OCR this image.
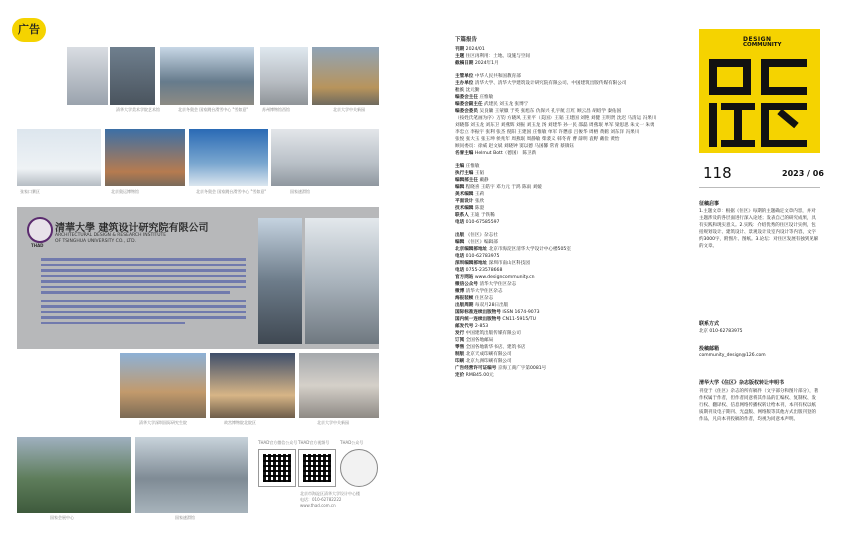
广告
清华大学美术学院艺术馆	北京冬奥会 国家跳台滑雪中心 "雪如意"	苏州博物馆西馆	北京大学中关新园
张家口赛区	北京奥运博物馆	北京冬奥会 国家跳台滑雪中心 "雪如意"	国家速滑馆
THAD
清華大學 建筑设计研究院有限公司
ARCHITECTURAL DESIGN & RESEARCH INSTITUTE
OF TSINGHUA UNIVERSITY CO., LTD.
清华大学深圳国际研究生院	故宫博物院北院区	北京大学中关新园
国家会展中心	国家速滑馆
THAD官方微信公众号 THAD官方视频号	THAD公众号
北京市海淀区清华大学设计中心楼
电话：010-62782222
www.thad.com.cn
下篇报告
刊期 2024/01
主题 住区再利用：土地、设施与空间
截稿日期 2024年1月
主管单位 中华人民共和国教育部
主办单位 清华大学、清华大学建筑设计研究院有限公司、中国建筑出版传媒有限公司
社长 沈元勤
编委会主任 庄惟敏
编委会副主任 武建民 刘玉龙 张博宁
编委会委员 吴良镛 王蒙徽 于英 张旭东 仇保兴 孔宇航 江红 顾云昌 胡绍学 秦佑国
（按姓氏笔画为序）万钧 方晓风 王亚平（美国）王韬 王建国 刘艳 刘健 王明贤 沈迟 马清运 冯果川
刘晓都 刘玉龙 刘东卫 刘燕辉 刘振 刘玉龙 汤 刘建华 孙一民 邵磊 周燕珉 单军 梁思思 朱文一 朱勇
李忠立 李振宇 张利 张杰 倪阳 王建国 庄惟敏 单军 许懋彦 吕俊华 周榕 黄鹤 刘东洋 冯果川
张悦 张大玉 张玉坤 侯兆年 周燕珉 周静敏 柴裴义 韩冬青 曹 薛明 袁野 戴俭 黄怡
顾问委员：徐威 赵文斌 刘晓钟 窦以德 马国馨 常青 蔡镇钰
名誉主编 Helmut Bott（德国） 陈卫新
主编 庄惟敏
执行主编 王韬
编辑部主任 戴静
编辑 程晓喜 王皓宇 邓力元 于鸿 陈雨 刘媛
美术编辑 王莉
平面设计 张欣
技术编辑 陈澄
联系人 王迪 于铁稀
电话 010-67585597
出版 《住区》杂志社
编辑 《住区》编辑部
北京编辑部地址 北京市海淀区清华大学设计中心楼505室
电话 010-62783975
深圳编辑部地址 深圳市南山区科技园
电话 0755-23578668
官方网站 www.designcommunity.cn
微信公众号 清华大学住区杂志
微博 清华大学住区杂志
海报装帧 住区杂志
出版周期 每双月28日出版
国际标准连续出版物号 ISSN 1674-9073
国内统一连续出版物号 CN11-5915/TU
邮发代号 2-853
发行 中国建筑出版传媒有限公司
订阅 全国各地邮局
零售 全国各地新华书店、建筑书店
制版 北京天成印刷有限公司
印刷 北京九洲印刷有限公司
广告经营许可证编号 京海工商广字第0081号
定价 RMB45.00元
DESIGN
COMMUNITY
118	2023 / 06
征稿启事
1.主题文章：根据《住区》每期的主题确定文章内容，并对主题涉及的各层面进行深入论述；发表自己的研究成果，具有实践和现实意义。2.实践：介绍优秀的住区设计实例，包括规划设计、建筑设计、景观设计及室内设计等内容，文字约3000字，附图片、图纸。3.论坛：对住区发展有独到见解的文章。
联系方式
北京 010-62783975
投稿邮箱
community_design@126.com
清华大学《住区》杂志版权转让申明书
刊登于《住区》杂志的所有稿件（文字部分和图片部分），著作权属于作者，但作者同意将其作品的汇编权、复制权、发行权、翻译权、信息网络传播权转让给本刊，本刊有权以纸质期刊及电子期刊、光盘版、网络版等其他方式出版刊登的作品，凡向本刊投稿的作者，均视为同意本声明。
